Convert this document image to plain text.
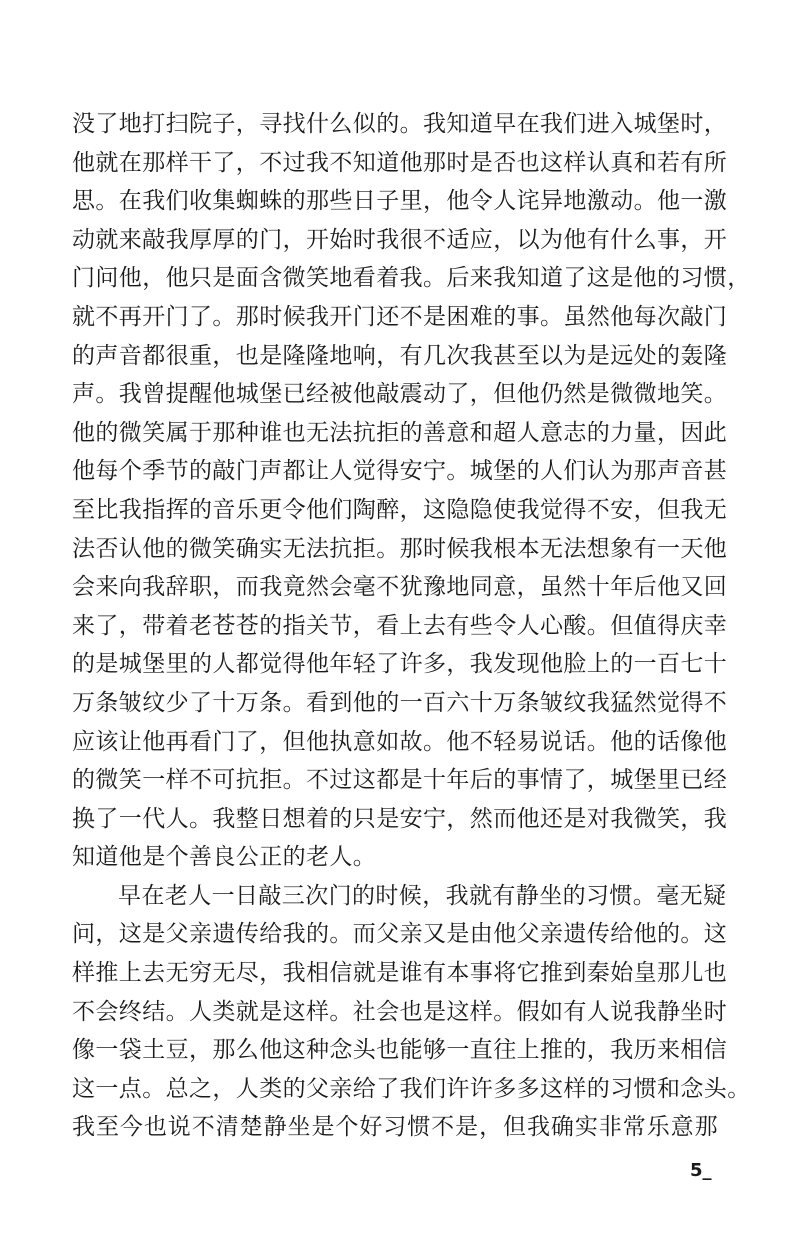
没了地打扫院子，寻找什么似的。我知道早在我们进入城堡时，
他就在那样干了，不过我不知道他那时是否也这样认真和若有所
思。在我们收集蜘蛛的那些日子里，他令人诧异地激动。他一激
动就来敲我厚厚的门，开始时我很不适应，以为他有什么事，开
门问他，他只是面含微笑地看着我。后来我知道了这是他的习惯，
就不再开门了。那时候我开门还不是困难的事。虽然他每次敲门
的声音都很重，也是隆隆地响，有几次我甚至以为是远处的轰隆
声。我曾提醒他城堡已经被他敲震动了，但他仍然是微微地笑。
他的微笑属于那种谁也无法抗拒的善意和超人意志的力量，因此
他每个季节的敲门声都让人觉得安宁。城堡的人们认为那声音甚
至比我指挥的音乐更令他们陶醉，这隐隐使我觉得不安，但我无
法否认他的微笑确实无法抗拒。那时候我根本无法想象有一天他
会来向我辞职，而我竟然会毫不犹豫地同意，虽然十年后他又回
来了，带着老苍苍的指关节，看上去有些令人心酸。但值得庆幸
的是城堡里的人都觉得他年轻了许多，我发现他脸上的一百七十
万条皱纹少了十万条。看到他的一百六十万条皱纹我猛然觉得不
应该让他再看门了，但他执意如故。他不轻易说话。他的话像他
的微笑一样不可抗拒。不过这都是十年后的事情了，城堡里已经
换了一代人。我整日想着的只是安宁，然而他还是对我微笑，我
知道他是个善良公正的老人。
早在老人一日敲三次门的时候，我就有静坐的习惯。毫无疑
问，这是父亲遗传给我的。而父亲又是由他父亲遗传给他的。这
样推上去无穷无尽，我相信就是谁有本事将它推到秦始皇那儿也
不会终结。人类就是这样。社会也是这样。假如有人说我静坐时
像一袋土豆，那么他这种念头也能够一直往上推的，我历来相信
这一点。总之，人类的父亲给了我们许许多多这样的习惯和念头。
我至今也说不清楚静坐是个好习惯不是，但我确实非常乐意那
5_
